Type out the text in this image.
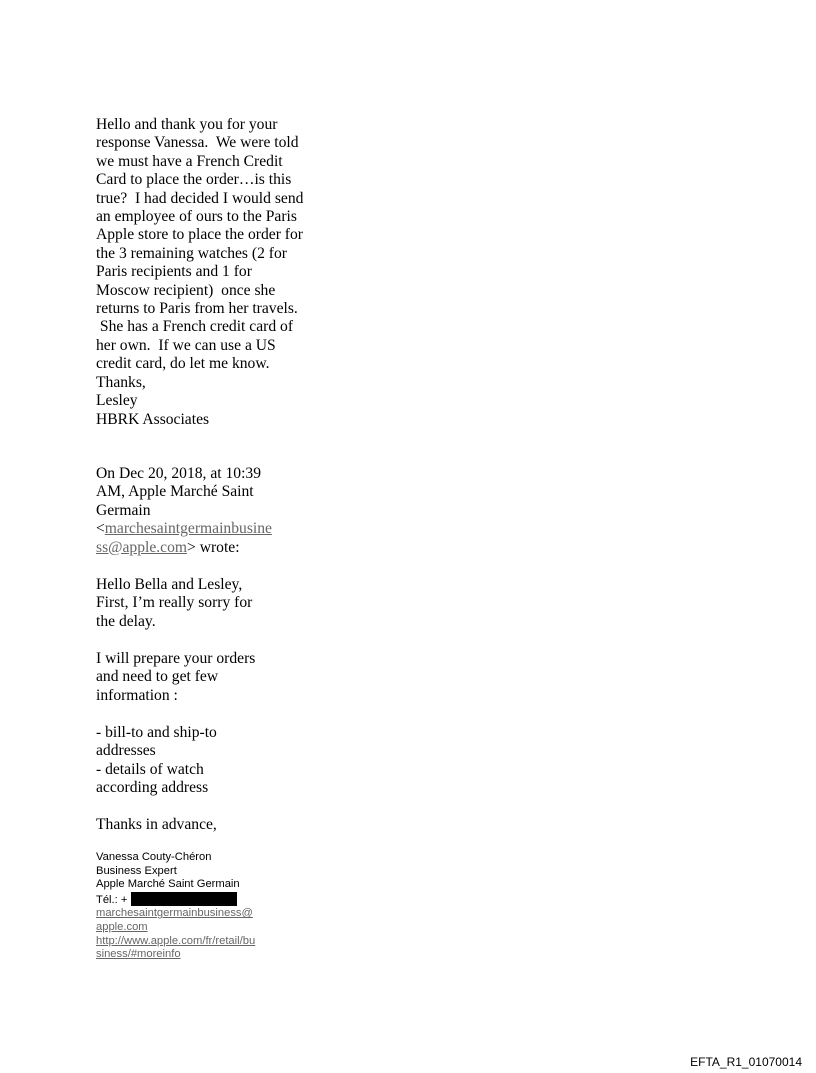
Hello and thank you for your
response Vanessa.  We were told
we must have a French Credit
Card to place the order…is this
true?  I had decided I would send
an employee of ours to the Paris
Apple store to place the order for
the 3 remaining watches (2 for
Paris recipients and 1 for
Moscow recipient)  once she
returns to Paris from her travels.
She has a French credit card of
her own.  If we can use a US
credit card, do let me know.
Thanks,
Lesley
HBRK Associates
On Dec 20, 2018, at 10:39
AM, Apple Marché Saint
Germain
<marchesaintgermainbusine
ss@apple.com> wrote:
Hello Bella and Lesley,
First, I’m really sorry for
the delay.
I will prepare your orders
and need to get few
information :
- bill-to and ship-to
addresses
- details of watch
according address
Thanks in advance,
Vanessa Couty-Chéron
Business Expert
Apple Marché Saint Germain
Tél.: +
marchesaintgermainbusiness@
apple.com
http://www.apple.com/fr/retail/bu
siness/#moreinfo
EFTA_R1_01070014
